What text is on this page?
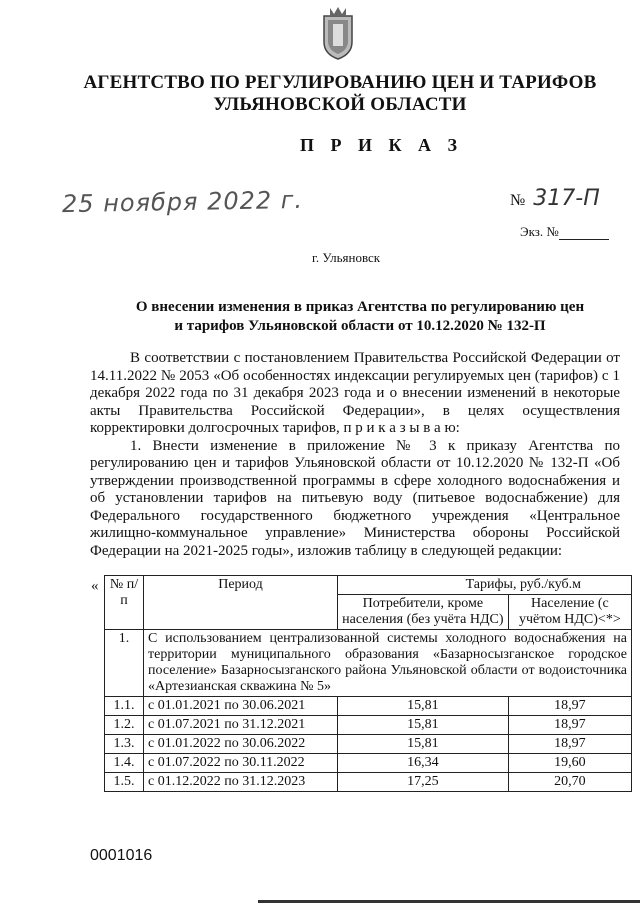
АГЕНТСТВО ПО РЕГУЛИРОВАНИЮ ЦЕН И ТАРИФОВ
УЛЬЯНОВСКОЙ ОБЛАСТИ
П Р И К А З
25 ноября 2022 г.	№ 317-П
Экз. №
г. Ульяновск
О внесении изменения в приказ Агентства по регулированию цен
и тарифов Ульяновской области от 10.12.2020 № 132-П

В соответствии с постановлением Правительства Российской Федерации от 14.11.2022 № 2053 «Об особенностях индексации регулируемых цен (тарифов) с 1 декабря 2022 года по 31 декабря 2023 года и о внесении изменений в некоторые акты Правительства Российской Федерации», в целях осуществления корректировки долгосрочных тарифов, п р и к а з ы в а ю:

1. Внести изменение в приложение № 3 к приказу Агентства по регулированию цен и тарифов Ульяновской области от 10.12.2020 № 132-П «Об утверждении производственной программы в сфере холодного водоснабжения и об установлении тарифов на питьевую воду (питьевое водоснабжение) для Федерального государственного бюджетного учреждения «Центральное жилищно-коммунальное управление» Министерства обороны Российской Федерации на 2021-2025 годы», изложив таблицу в следующей редакции:

« № п/п	Период	Тарифы, руб./куб.м	
		Потребители, кроме населения (без учёта НДС)	Население (с учётом НДС)<*>
1.	С использованием централизованной системы холодного водоснабжения на территории муниципального образования «Базарносызганское городское поселение» Базарносызганского района Ульяновской области от водоисточника «Артезианская скважина № 5»		
1.1.	с 01.01.2021 по 30.06.2021	15,81	18,97
1.2.	с 01.07.2021 по 31.12.2021	15,81	18,97
1.3.	с 01.01.2022 по 30.06.2022	15,81	18,97
1.4.	с 01.07.2022 по 30.11.2022	16,34	19,60
1.5.	с 01.12.2022 по 31.12.2023	17,25	20,70
0001016
